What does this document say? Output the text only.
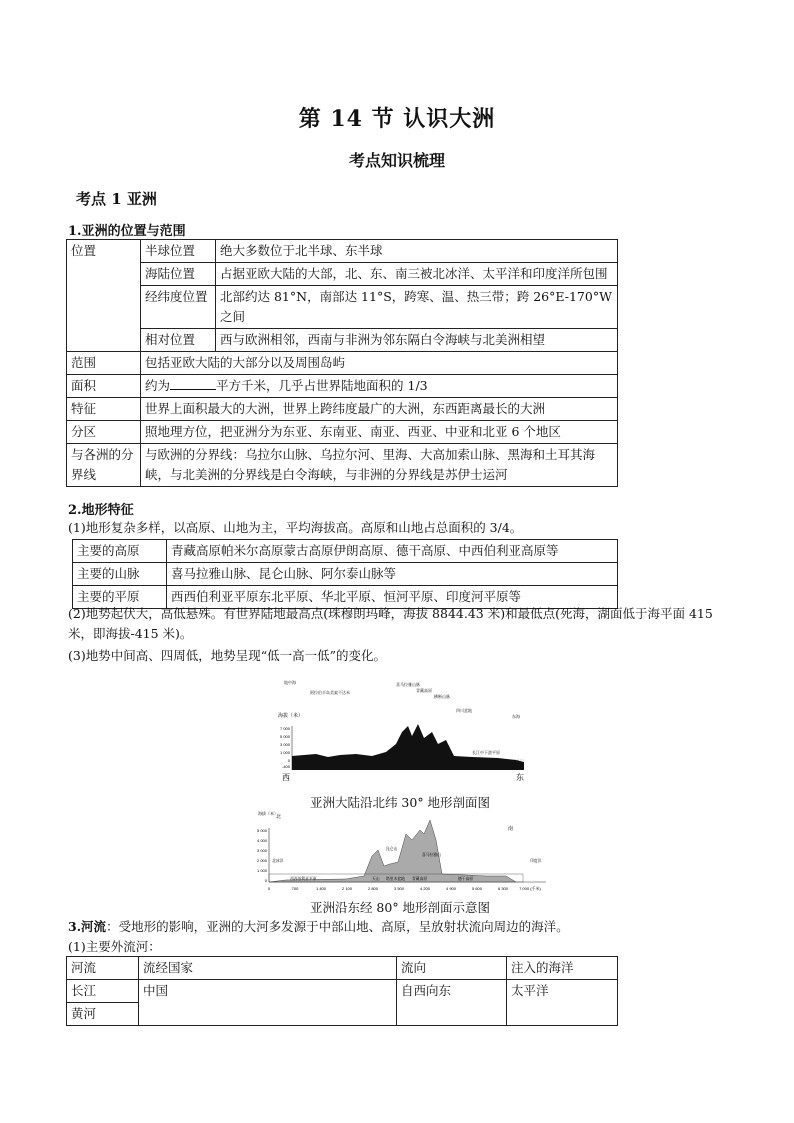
第 14 节 认识大洲
考点知识梳理
考点 1 亚洲
1.亚洲的位置与范围
位置	半球位置	绝大多数位于北半球、东半球
	海陆位置	占据亚欧大陆的大部，北、东、南三被北冰洋、太平洋和印度洋所包围
	经纬度位置	北部约达 81°N，南部达 11°S，跨寒、温、热三带；跨 26°E-170°W之间
	相对位置	西与欧洲相邻，西南与非洲为邻东隔白令海峡与北美洲相望
范围	包括亚欧大陆的大部分以及周围岛屿	
面积	约为 平方千米，几乎占世界陆地面积的 1/3	
特征	世界上面积最大的大洲，世界上跨纬度最广的大洲，东西距离最长的大洲	
分区	照地理方位，把亚洲分为东亚、东南亚、南亚、西亚、中亚和北亚 6 个地区	
与各洲的分界线	与欧洲的分界线：乌拉尔山脉、乌拉尔河、里海、大高加索山脉、黑海和土耳其海峡，与北美洲的分界线是白令海峡，与非洲的分界线是苏伊士运河	
2.地形特征
(1)地形复杂多样，以高原、山地为主，平均海拔高。高原和山地占总面积的 3/4。
主要的高原	青藏高原帕米尔高原蒙古高原伊朗高原、德干高原、中西伯利亚高原等
主要的山脉	喜马拉雅山脉、昆仑山脉、阿尔泰山脉等
主要的平原	西西伯利亚平原东北平原、华北平原、恒河平原、印度河平原等
(2)地势起伏大，高低悬殊。有世界陆地最高点(珠穆朗玛峰，海拔 8844.43 米)和最低点(死海，湖面低于海平面 415 米，即海拔-415 米)。
(3)地势中间高、四周低，地势呈现“低一高一低”的变化。
海拔（米）
7 000
5 000
3 000
1 000
0
-400
地中海
阿拉伯半岛 美索不达米
伊朗高原
喜马拉雅山脉
青藏高原
横断山脉
四川盆地
长江中下游平原
东海
西	东
亚洲大陆沿北纬 30° 地形剖面图
海拔（米）
北
南
5 000
4 000
3 000
2 000
1 000
0	西西伯利亚平原	天山 塔里木盆地 青藏高原	德干高原
北冰洋
昆仑山
喜马拉雅山
印度洋
0	700	1 400	2 100	2 800	3 500	4 200	4 900	5 600	6 300	7 000 (千米)
亚洲沿东经 80° 地形剖面示意图
3.河流：受地形的影响，亚洲的大河多发源于中部山地、高原，呈放射状流向周边的海洋。
(1)主要外流河：
河流	流经国家	流向	注入的海洋
长江	中国	自西向东	太平洋
黄河			
